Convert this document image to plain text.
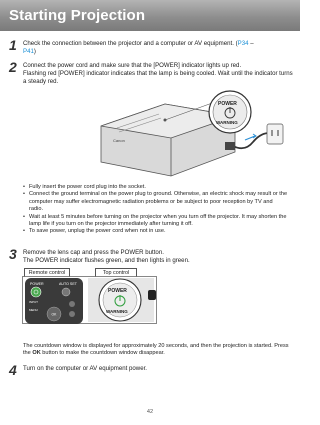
Starting Projection
1 Check the connection between the projector and a computer or AV equipment. (P34 –
P41)
2 Connect the power cord and make sure that the [POWER] indicator lights up red.
Flashing red [POWER] indicator indicates that the lamp is being cooled. Wait until the indicator turns a steady red.
Canon
POWER
WARNING
• Fully insert the power cord plug into the socket.
• Connect the ground terminal on the power plug to ground. Otherwise, an electric shock may result or the computer may suffer electromagnetic radiation problems or be subject to poor reception by TV and radio.
• Wait at least 5 minutes before turning on the projector when you turn off the projector. It may shorten the lamp life if you turn on the projector immediately after turning it off.
• To save power, unplug the power cord when not in use.
3 Remove the lens cap and press the POWER button.
The POWER indicator flushes green, and then lights in green.
Remote control	Top control
POWER	AUTO SET
INPUT
MENU
OK
POWER
WARNING
The countdown window is displayed for approximately 20 seconds, and then the projection is started. Press the OK button to make the countdown window disappear.
4 Turn on the computer or AV equipment power.
42
